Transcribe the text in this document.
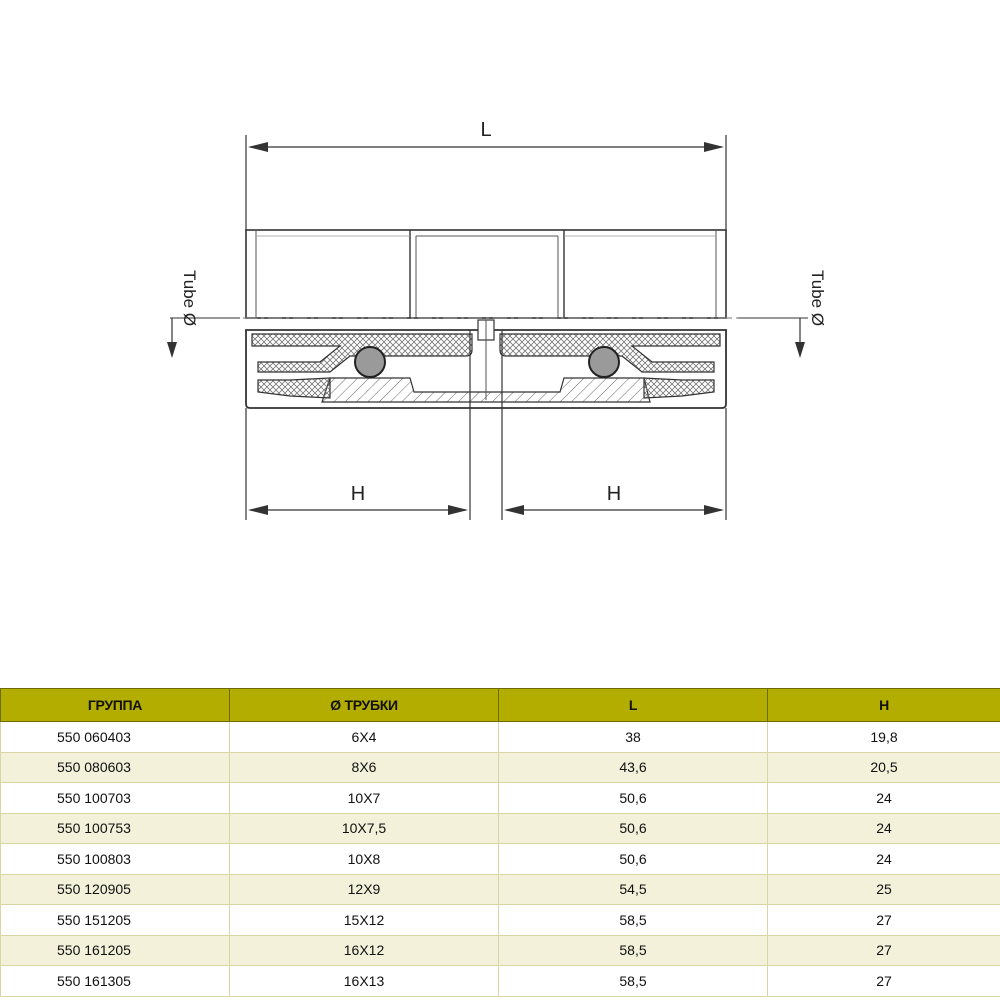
L
Tube Ø	Tube Ø
H	H
ГРУППА	Ø ТРУБКИ	L	H
550 060403	6X4	38	19,8
550 080603	8X6	43,6	20,5
550 100703	10X7	50,6	24
550 100753	10X7,5	50,6	24
550 100803	10X8	50,6	24
550 120905	12X9	54,5	25
550 151205	15X12	58,5	27
550 161205	16X12	58,5	27
550 161305	16X13	58,5	27
